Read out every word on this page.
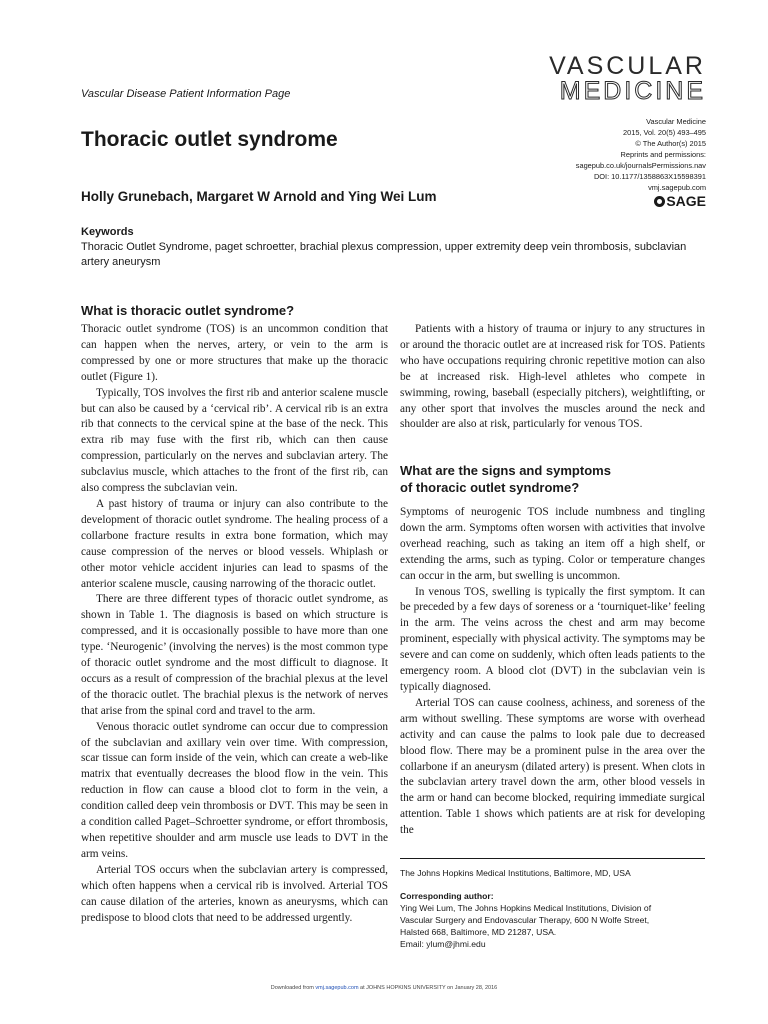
Vascular Disease Patient Information Page
VASCULAR
MEDICINE
Thoracic outlet syndrome
Vascular Medicine
2015, Vol. 20(5) 493–495
© The Author(s) 2015
Reprints and permissions:
sagepub.co.uk/journalsPermissions.nav
DOI: 10.1177/1358863X15598391
vmj.sagepub.com
SAGE
Holly Grunebach, Margaret W Arnold and Ying Wei Lum
Keywords
Thoracic Outlet Syndrome, paget schroetter, brachial plexus compression, upper extremity deep vein thrombosis, subclavian artery aneurysm
What is thoracic outlet syndrome?

Thoracic outlet syndrome (TOS) is an uncommon condition that can happen when the nerves, artery, or vein to the arm is compressed by one or more structures that make up the thoracic outlet (Figure 1).

Typically, TOS involves the first rib and anterior scalene muscle but can also be caused by a ‘cervical rib’. A cervical rib is an extra rib that connects to the cervical spine at the base of the neck. This extra rib may fuse with the first rib, which can then cause compression, particularly on the nerves and subclavian artery. The subclavius muscle, which attaches to the front of the first rib, can also compress the subclavian vein.

A past history of trauma or injury can also contribute to the development of thoracic outlet syndrome. The healing process of a collarbone fracture results in extra bone formation, which may cause compression of the nerves or blood vessels. Whiplash or other motor vehicle accident injuries can lead to spasms of the anterior scalene muscle, causing narrowing of the thoracic outlet.

There are three different types of thoracic outlet syndrome, as shown in Table 1. The diagnosis is based on which structure is compressed, and it is occasionally possible to have more than one type. ‘Neurogenic’ (involving the nerves) is the most common type of thoracic outlet syndrome and the most difficult to diagnose. It occurs as a result of compression of the brachial plexus at the level of the thoracic outlet. The brachial plexus is the network of nerves that arise from the spinal cord and travel to the arm.

Venous thoracic outlet syndrome can occur due to compression of the subclavian and axillary vein over time. With compression, scar tissue can form inside of the vein, which can create a web-like matrix that eventually decreases the blood flow in the vein. This reduction in flow can cause a blood clot to form in the vein, a condition called deep vein thrombosis or DVT. This may be seen in a condition called Paget–Schroetter syndrome, or effort thrombosis, when repetitive shoulder and arm muscle use leads to DVT in the arm veins.

Arterial TOS occurs when the subclavian artery is compressed, which often happens when a cervical rib is involved. Arterial TOS can cause dilation of the arteries, known as aneurysms, which can predispose to blood clots that need to be addressed urgently.

Patients with a history of trauma or injury to any structures in or around the thoracic outlet are at increased risk for TOS. Patients who have occupations requiring chronic repetitive motion can also be at increased risk. High-level athletes who compete in swimming, rowing, baseball (especially pitchers), weightlifting, or any other sport that involves the muscles around the neck and shoulder are also at risk, particularly for venous TOS.

What are the signs and symptoms
of thoracic outlet syndrome?

Symptoms of neurogenic TOS include numbness and tingling down the arm. Symptoms often worsen with activities that involve overhead reaching, such as taking an item off a high shelf, or extending the arms, such as typing. Color or temperature changes can occur in the arm, but swelling is uncommon.

In venous TOS, swelling is typically the first symptom. It can be preceded by a few days of soreness or a ‘tourniquet-like’ feeling in the arm. The veins across the chest and arm may become prominent, especially with physical activity. The symptoms may be severe and can come on suddenly, which often leads patients to the emergency room. A blood clot (DVT) in the subclavian vein is typically diagnosed.

Arterial TOS can cause coolness, achiness, and soreness of the arm without swelling. These symptoms are worse with overhead activity and can cause the palms to look pale due to decreased blood flow. There may be a prominent pulse in the area over the collarbone if an aneurysm (dilated artery) is present. When clots in the subclavian artery travel down the arm, other blood vessels in the arm or hand can become blocked, requiring immediate surgical attention. Table 1 shows which patients are at risk for developing the

The Johns Hopkins Medical Institutions, Baltimore, MD, USA
Corresponding author:
Ying Wei Lum, The Johns Hopkins Medical Institutions, Division of
Vascular Surgery and Endovascular Therapy, 600 N Wolfe Street,
Halsted 668, Baltimore, MD 21287, USA.
Email: ylum@jhmi.edu
Downloaded from vmj.sagepub.com at JOHNS HOPKINS UNIVERSITY on January 28, 2016
